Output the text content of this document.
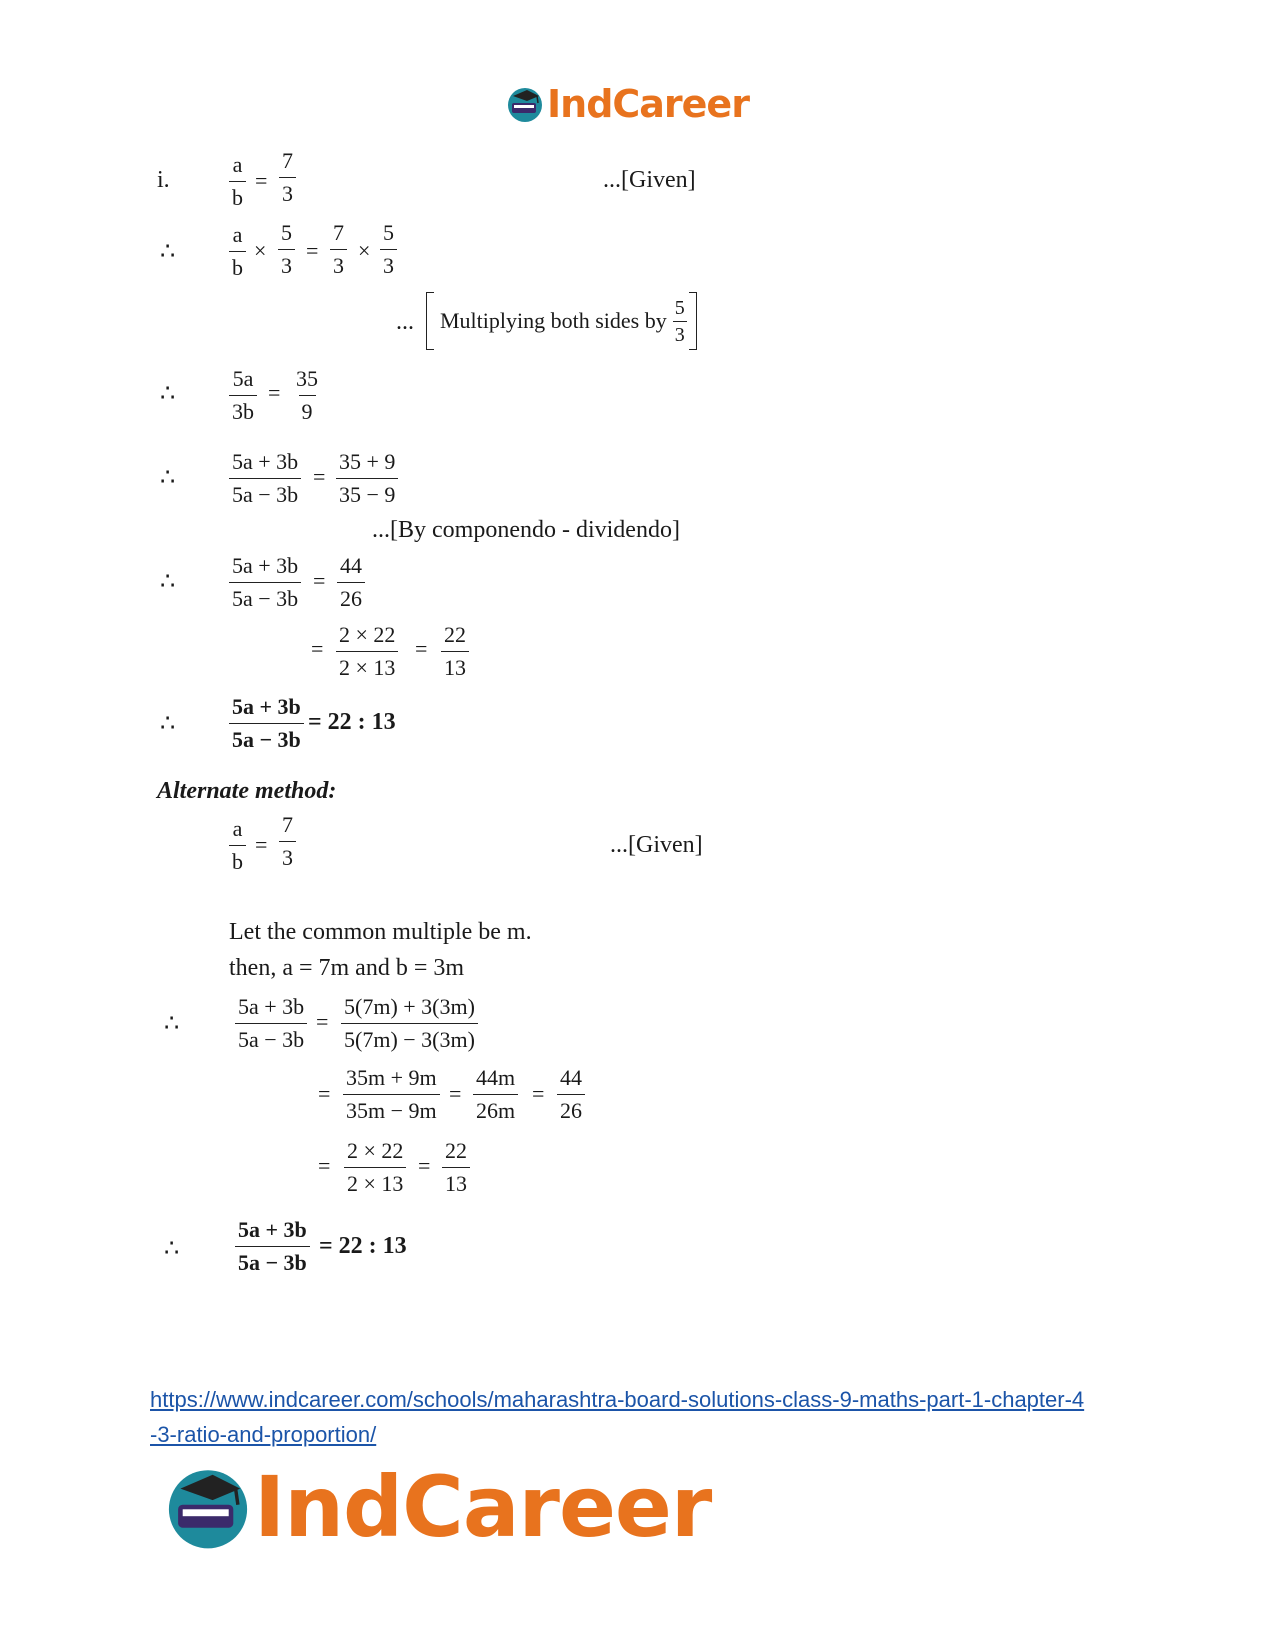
IndCareer
i.	$\frac{a}{b} = \frac{7}{3}$	...[Given]
∴ $\frac{a}{b} \times \frac{5}{3} = \frac{7}{3} \times \frac{5}{3}$
... Multiplying both sides by $\frac{5}{3}$
∴ $\frac{5a}{3b} = \frac{35}{9}$
∴ $\frac{5a + 3b}{5a - 3b} = \frac{35 + 9}{35 - 9}$
...[By componendo - dividendo]
∴ $\frac{5a + 3b}{5a - 3b} = \frac{44}{26}$
= $\frac{2 \times 22}{2 \times 13} = \frac{22}{13}$
∴ $\frac{5a + 3b}{5a - 3b} = 22$ : 13
Alternate method:
$\frac{a}{b} = \frac{7}{3}$	...[Given]
Let the common multiple be m.
then, a = 7m and b = 3m
∴	$\frac{5a + 3b}{5a - 3b} = \frac{5(7m) + 3(3m)}{5(7m) - 3(3m)}$
= $\frac{35m + 9m}{35m - 9m} = \frac{44m}{26m} = \frac{44}{26}$
= $\frac{2 \times 22}{2 \times 13} = \frac{22}{13}$
∴	$\frac{5a + 3b}{5a - 3b} = 22$ : 13
https://www.indcareer.com/schools/maharashtra-board-solutions-class-9-maths-part-1-chapter-4
-3-ratio-and-proportion/
IndCareer
